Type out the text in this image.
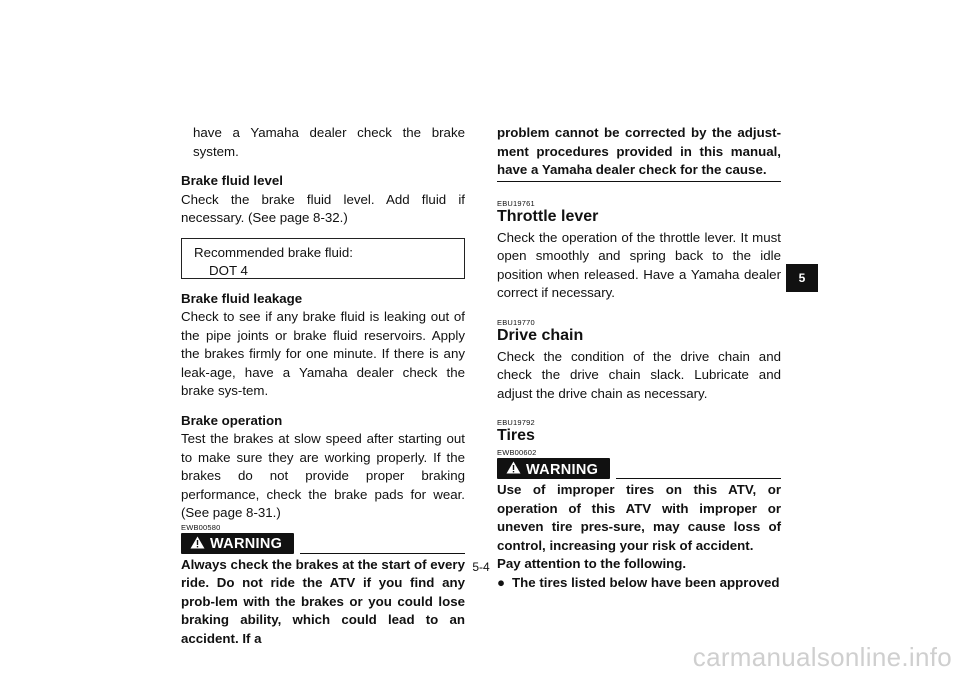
have a Yamaha dealer check the brake system.

Brake fluid level

Check the brake fluid level. Add fluid if necessary. (See page 8-32.)

Recommended brake fluid:
DOT 4

Brake fluid leakage

Check to see if any brake fluid is leaking out of the pipe joints or brake fluid reservoirs. Apply the brakes firmly for one minute. If there is any leak-age, have a Yamaha dealer check the brake sys-tem.

Brake operation

Test the brakes at slow speed after starting out to make sure they are working properly. If the brakes do not provide proper braking performance, check the brake pads for wear. (See page 8-31.)

EWB00580

WARNING

Always check the brakes at the start of every ride. Do not ride the ATV if you find any prob-lem with the brakes or you could lose braking ability, which could lead to an accident. If a

problem cannot be corrected by the adjust-ment procedures provided in this manual, have a Yamaha dealer check for the cause.

EBU19761

Throttle lever

Check the operation of the throttle lever. It must open smoothly and spring back to the idle position when released. Have a Yamaha dealer correct if necessary.

EBU19770

Drive chain

Check the condition of the drive chain and check the drive chain slack. Lubricate and adjust the drive chain as necessary.

EBU19792

Tires

EWB00602

WARNING

Use of improper tires on this ATV, or operation of this ATV with improper or uneven tire pres-sure, may cause loss of control, increasing your risk of accident.

Pay attention to the following.

● The tires listed below have been approved

5
5-4
carmanualsonline.info
